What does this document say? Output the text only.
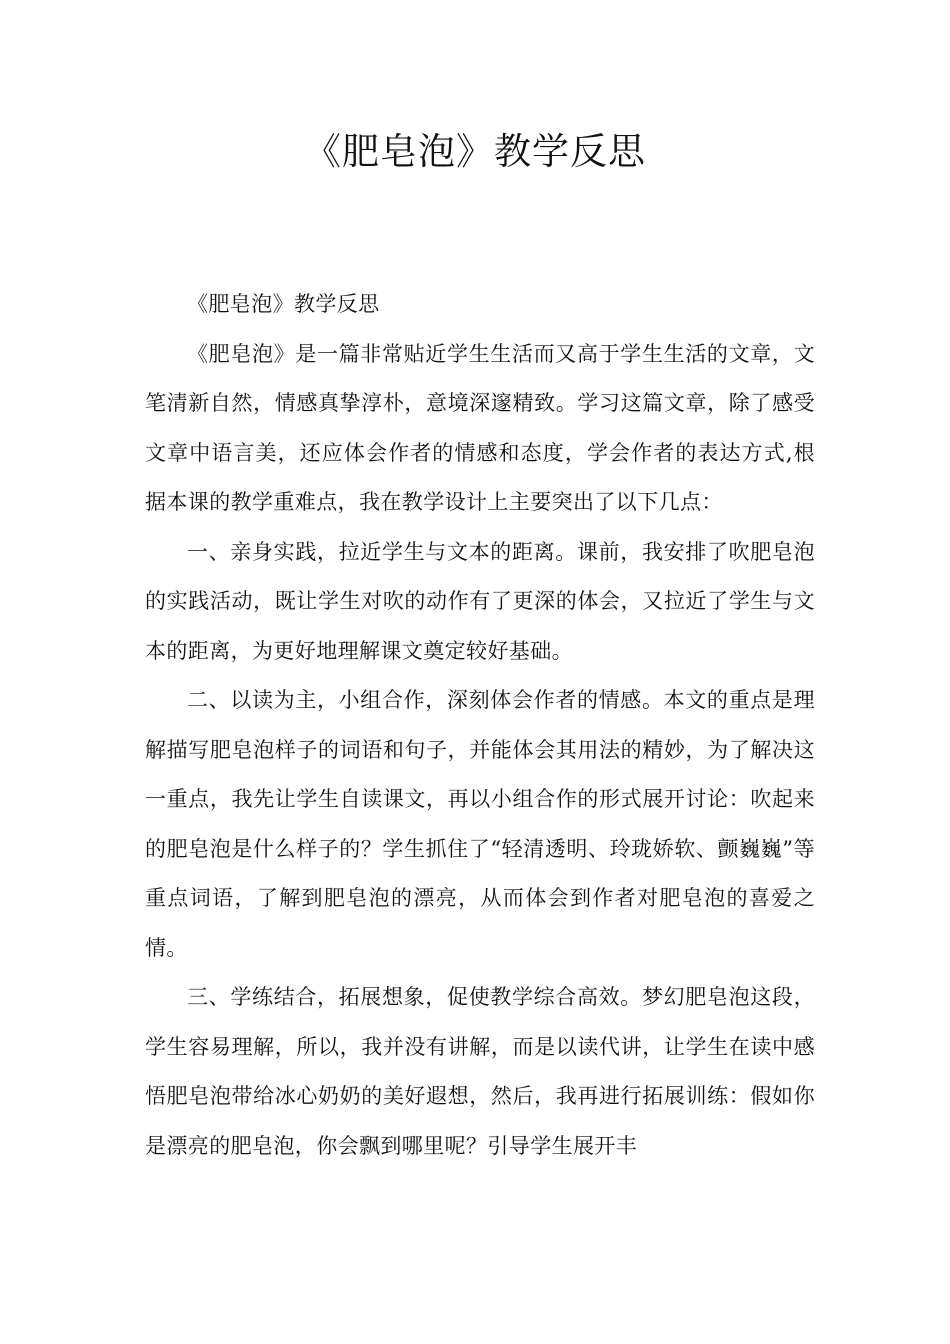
《肥皂泡》教学反思

《肥皂泡》教学反思

《肥皂泡》是一篇非常贴近学生生活而又高于学生生活的文章，文笔清新自然，情感真挚淳朴，意境深邃精致。学习这篇文章，除了感受文章中语言美，还应体会作者的情感和态度，学会作者的表达方式,根据本课的教学重难点，我在教学设计上主要突出了以下几点：

一、亲身实践，拉近学生与文本的距离。课前，我安排了吹肥皂泡的实践活动，既让学生对吹的动作有了更深的体会，又拉近了学生与文本的距离，为更好地理解课文奠定较好基础。

二、以读为主，小组合作，深刻体会作者的情感。本文的重点是理解描写肥皂泡样子的词语和句子，并能体会其用法的精妙，为了解决这一重点，我先让学生自读课文，再以小组合作的形式展开讨论：吹起来的肥皂泡是什么样子的？学生抓住了“轻清透明、玲珑娇软、颤巍巍”等重点词语，了解到肥皂泡的漂亮，从而体会到作者对肥皂泡的喜爱之情。

三、学练结合，拓展想象，促使教学综合高效。梦幻肥皂泡这段，学生容易理解，所以，我并没有讲解，而是以读代讲，让学生在读中感悟肥皂泡带给冰心奶奶的美好遐想，然后，我再进行拓展训练：假如你是漂亮的肥皂泡，你会飘到哪里呢？引导学生展开丰
